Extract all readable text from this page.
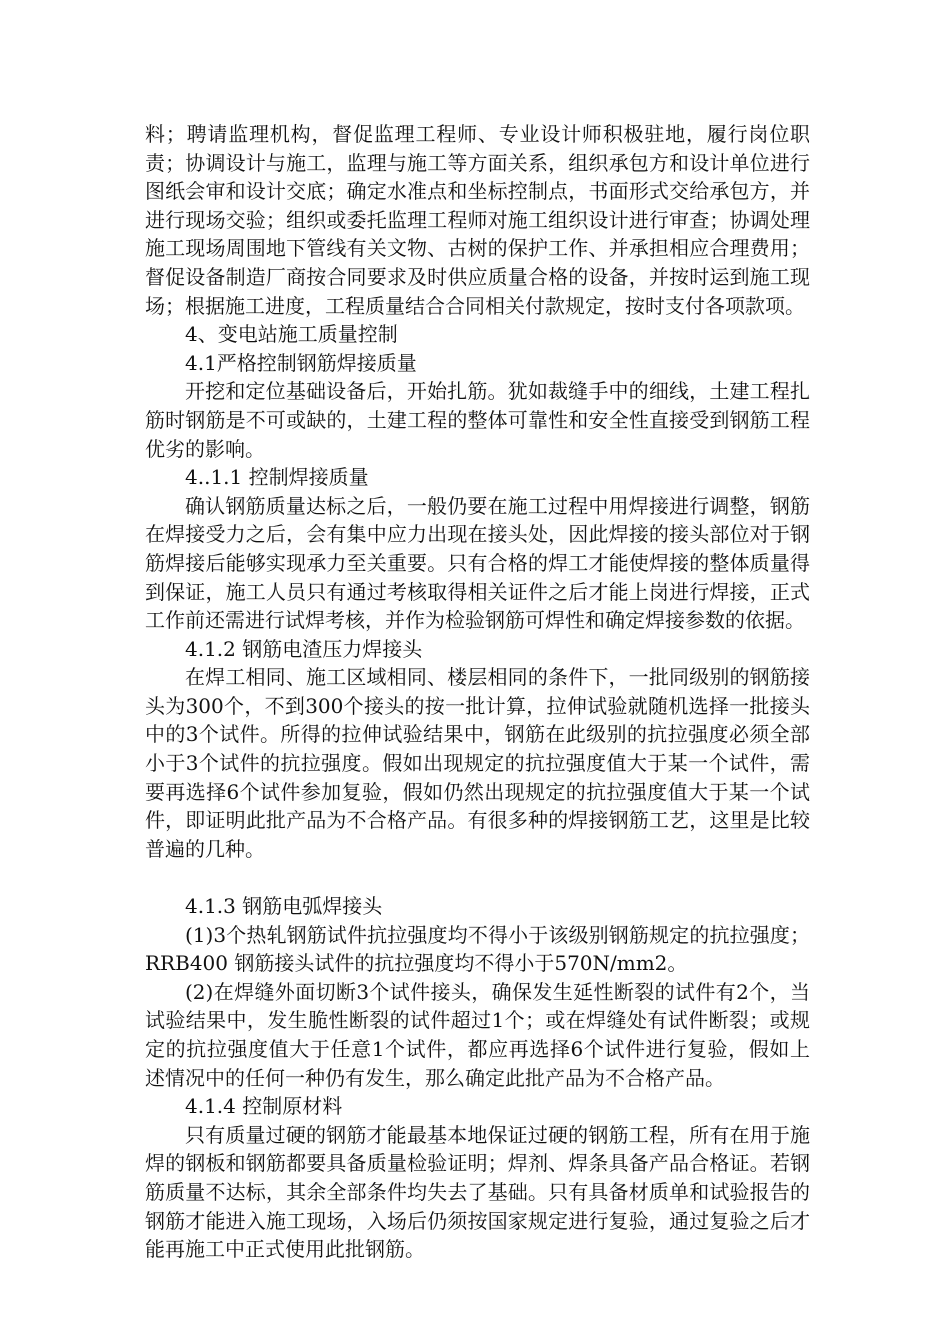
料；聘请监理机构，督促监理工程师、专业设计师积极驻地，履行岗位职责；协调设计与施工，监理与施工等方面关系，组织承包方和设计单位进行图纸会审和设计交底；确定水准点和坐标控制点，书面形式交给承包方，并进行现场交验；组织或委托监理工程师对施工组织设计进行审查；协调处理施工现场周围地下管线有关文物、古树的保护工作、并承担相应合理费用；督促设备制造厂商按合同要求及时供应质量合格的设备，并按时运到施工现场；根据施工进度，工程质量结合合同相关付款规定，按时支付各项款项。

4、变电站施工质量控制

4.1严格控制钢筋焊接质量

开挖和定位基础设备后，开始扎筋。犹如裁缝手中的细线，土建工程扎筋时钢筋是不可或缺的，土建工程的整体可靠性和安全性直接受到钢筋工程优劣的影响。

4..1.1 控制焊接质量

确认钢筋质量达标之后，一般仍要在施工过程中用焊接进行调整，钢筋在焊接受力之后，会有集中应力出现在接头处，因此焊接的接头部位对于钢筋焊接后能够实现承力至关重要。只有合格的焊工才能使焊接的整体质量得到保证，施工人员只有通过考核取得相关证件之后才能上岗进行焊接，正式工作前还需进行试焊考核，并作为检验钢筋可焊性和确定焊接参数的依据。

4.1.2 钢筋电渣压力焊接头

在焊工相同、施工区域相同、楼层相同的条件下，一批同级别的钢筋接头为300个，不到300个接头的按一批计算，拉伸试验就随机选择一批接头中的3个试件。所得的拉伸试验结果中，钢筋在此级别的抗拉强度必须全部小于3个试件的抗拉强度。假如出现规定的抗拉强度值大于某一个试件，需要再选择6个试件参加复验，假如仍然出现规定的抗拉强度值大于某一个试件，即证明此批产品为不合格产品。有很多种的焊接钢筋工艺，这里是比较普遍的几种。

4.1.3 钢筋电弧焊接头

(1)3个热轧钢筋试件抗拉强度均不得小于该级别钢筋规定的抗拉强度；RRB400 钢筋接头试件的抗拉强度均不得小于570N/mm2。

(2)在焊缝外面切断3个试件接头，确保发生延性断裂的试件有2个，当试验结果中，发生脆性断裂的试件超过1个；或在焊缝处有试件断裂；或规定的抗拉强度值大于任意1个试件，都应再选择6个试件进行复验，假如上述情况中的任何一种仍有发生，那么确定此批产品为不合格产品。

4.1.4 控制原材料

只有质量过硬的钢筋才能最基本地保证过硬的钢筋工程，所有在用于施焊的钢板和钢筋都要具备质量检验证明；焊剂、焊条具备产品合格证。若钢筋质量不达标，其余全部条件均失去了基础。只有具备材质单和试验报告的钢筋才能进入施工现场，入场后仍须按国家规定进行复验，通过复验之后才能再施工中正式使用此批钢筋。
